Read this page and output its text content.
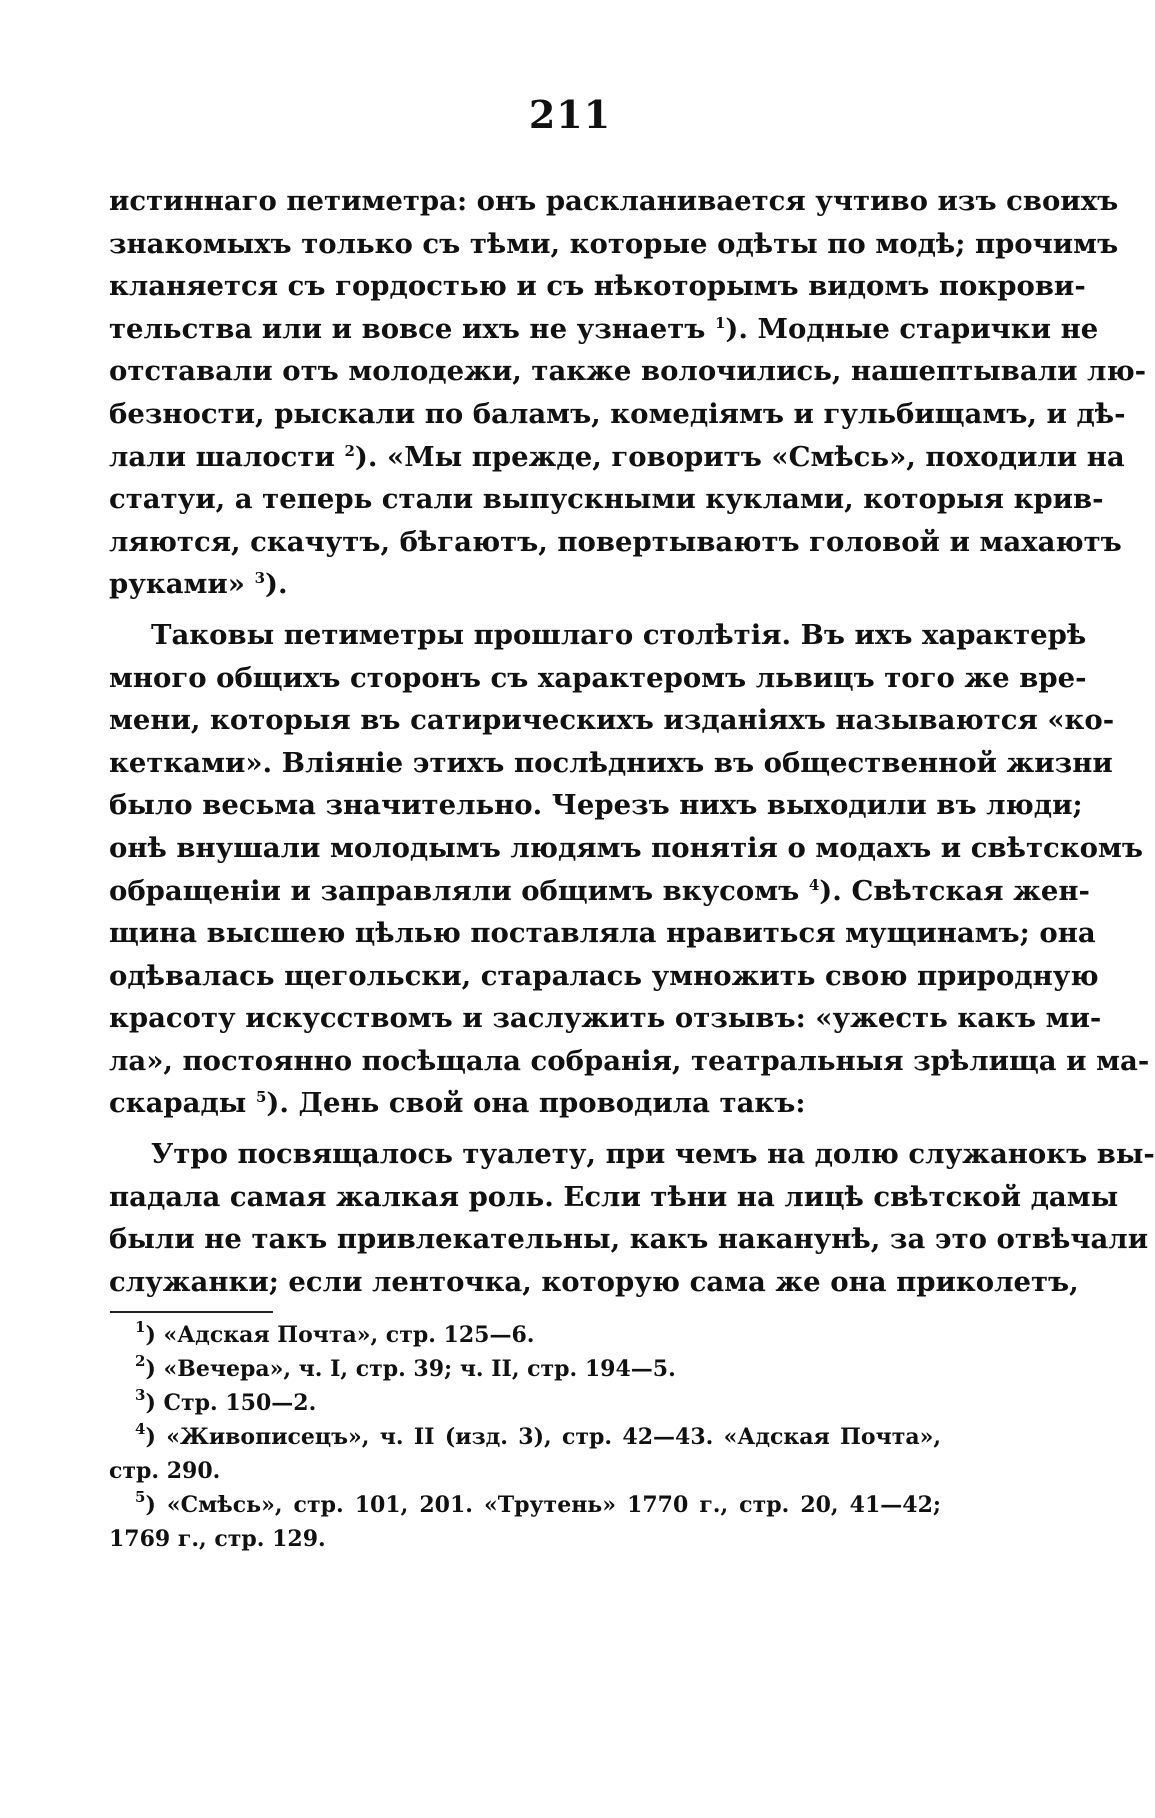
211
истиннаго петиметра: онъ раскланивается учтиво изъ своихъ
знакомыхъ только съ тѣми, которые одѣты по модѣ; прочимъ
кланяется съ гордостью и съ нѣкоторымъ видомъ покрови-
тельства или и вовсе ихъ не узнаетъ $^1$). Модные старички не
отставали отъ молодежи, также волочились, нашептывали лю-
безности, рыскали по баламъ, комедіямъ и гульбищамъ, и дѣ-
лали шалости $^2$). «Мы прежде, говоритъ «Смѣсь», походили на
статуи, а теперь стали выпускными куклами, которыя крив-
ляются, скачутъ, бѣгаютъ, повертываютъ головой и махаютъ
руками» $^3$).
Таковы петиметры прошлаго столѣтія. Въ ихъ характерѣ
много общихъ сторонъ съ характеромъ львицъ того же вре-
мени, которыя въ сатирическихъ изданіяхъ называются «ко-
кетками». Вліяніе этихъ послѣднихъ въ общественной жизни
было весьма значительно. Черезъ нихъ выходили въ люди;
онѣ внушали молодымъ людямъ понятія о модахъ и свѣтскомъ
обращеніи и заправляли общимъ вкусомъ $^4$). Свѣтская жен-
щина высшею цѣлью поставляла нравиться мущинамъ; она
одѣвалась щегольски, старалась умножить свою природную
красоту искусствомъ и заслужить отзывъ: «ужесть какъ ми-
ла», постоянно посѣщала собранія, театральныя зрѣлища и ма-
скарады $^5$). День свой она проводила такъ:
Утро посвящалось туалету, при чемъ на долю служанокъ вы-
падала самая жалкая роль. Если тѣни на лицѣ свѣтской дамы
были не такъ привлекательны, какъ наканунѣ, за это отвѣчали
служанки; если ленточка, которую сама же она приколетъ,
$^1$) «Адская Почта», стр. 125—6.
$^2$) «Вечера», ч. I, стр. 39; ч. II, стр. 194—5.
$^3$) Стр. 150—2.
$^4$) «Живописецъ», ч. II (изд. 3), стр. 42—43. «Адская Почта»,
стр. 290.
$^5$) «Смѣсь», стр. 101, 201. «Трутень» 1770 г., стр. 20, 41—42;
1769 г., стр. 129.
